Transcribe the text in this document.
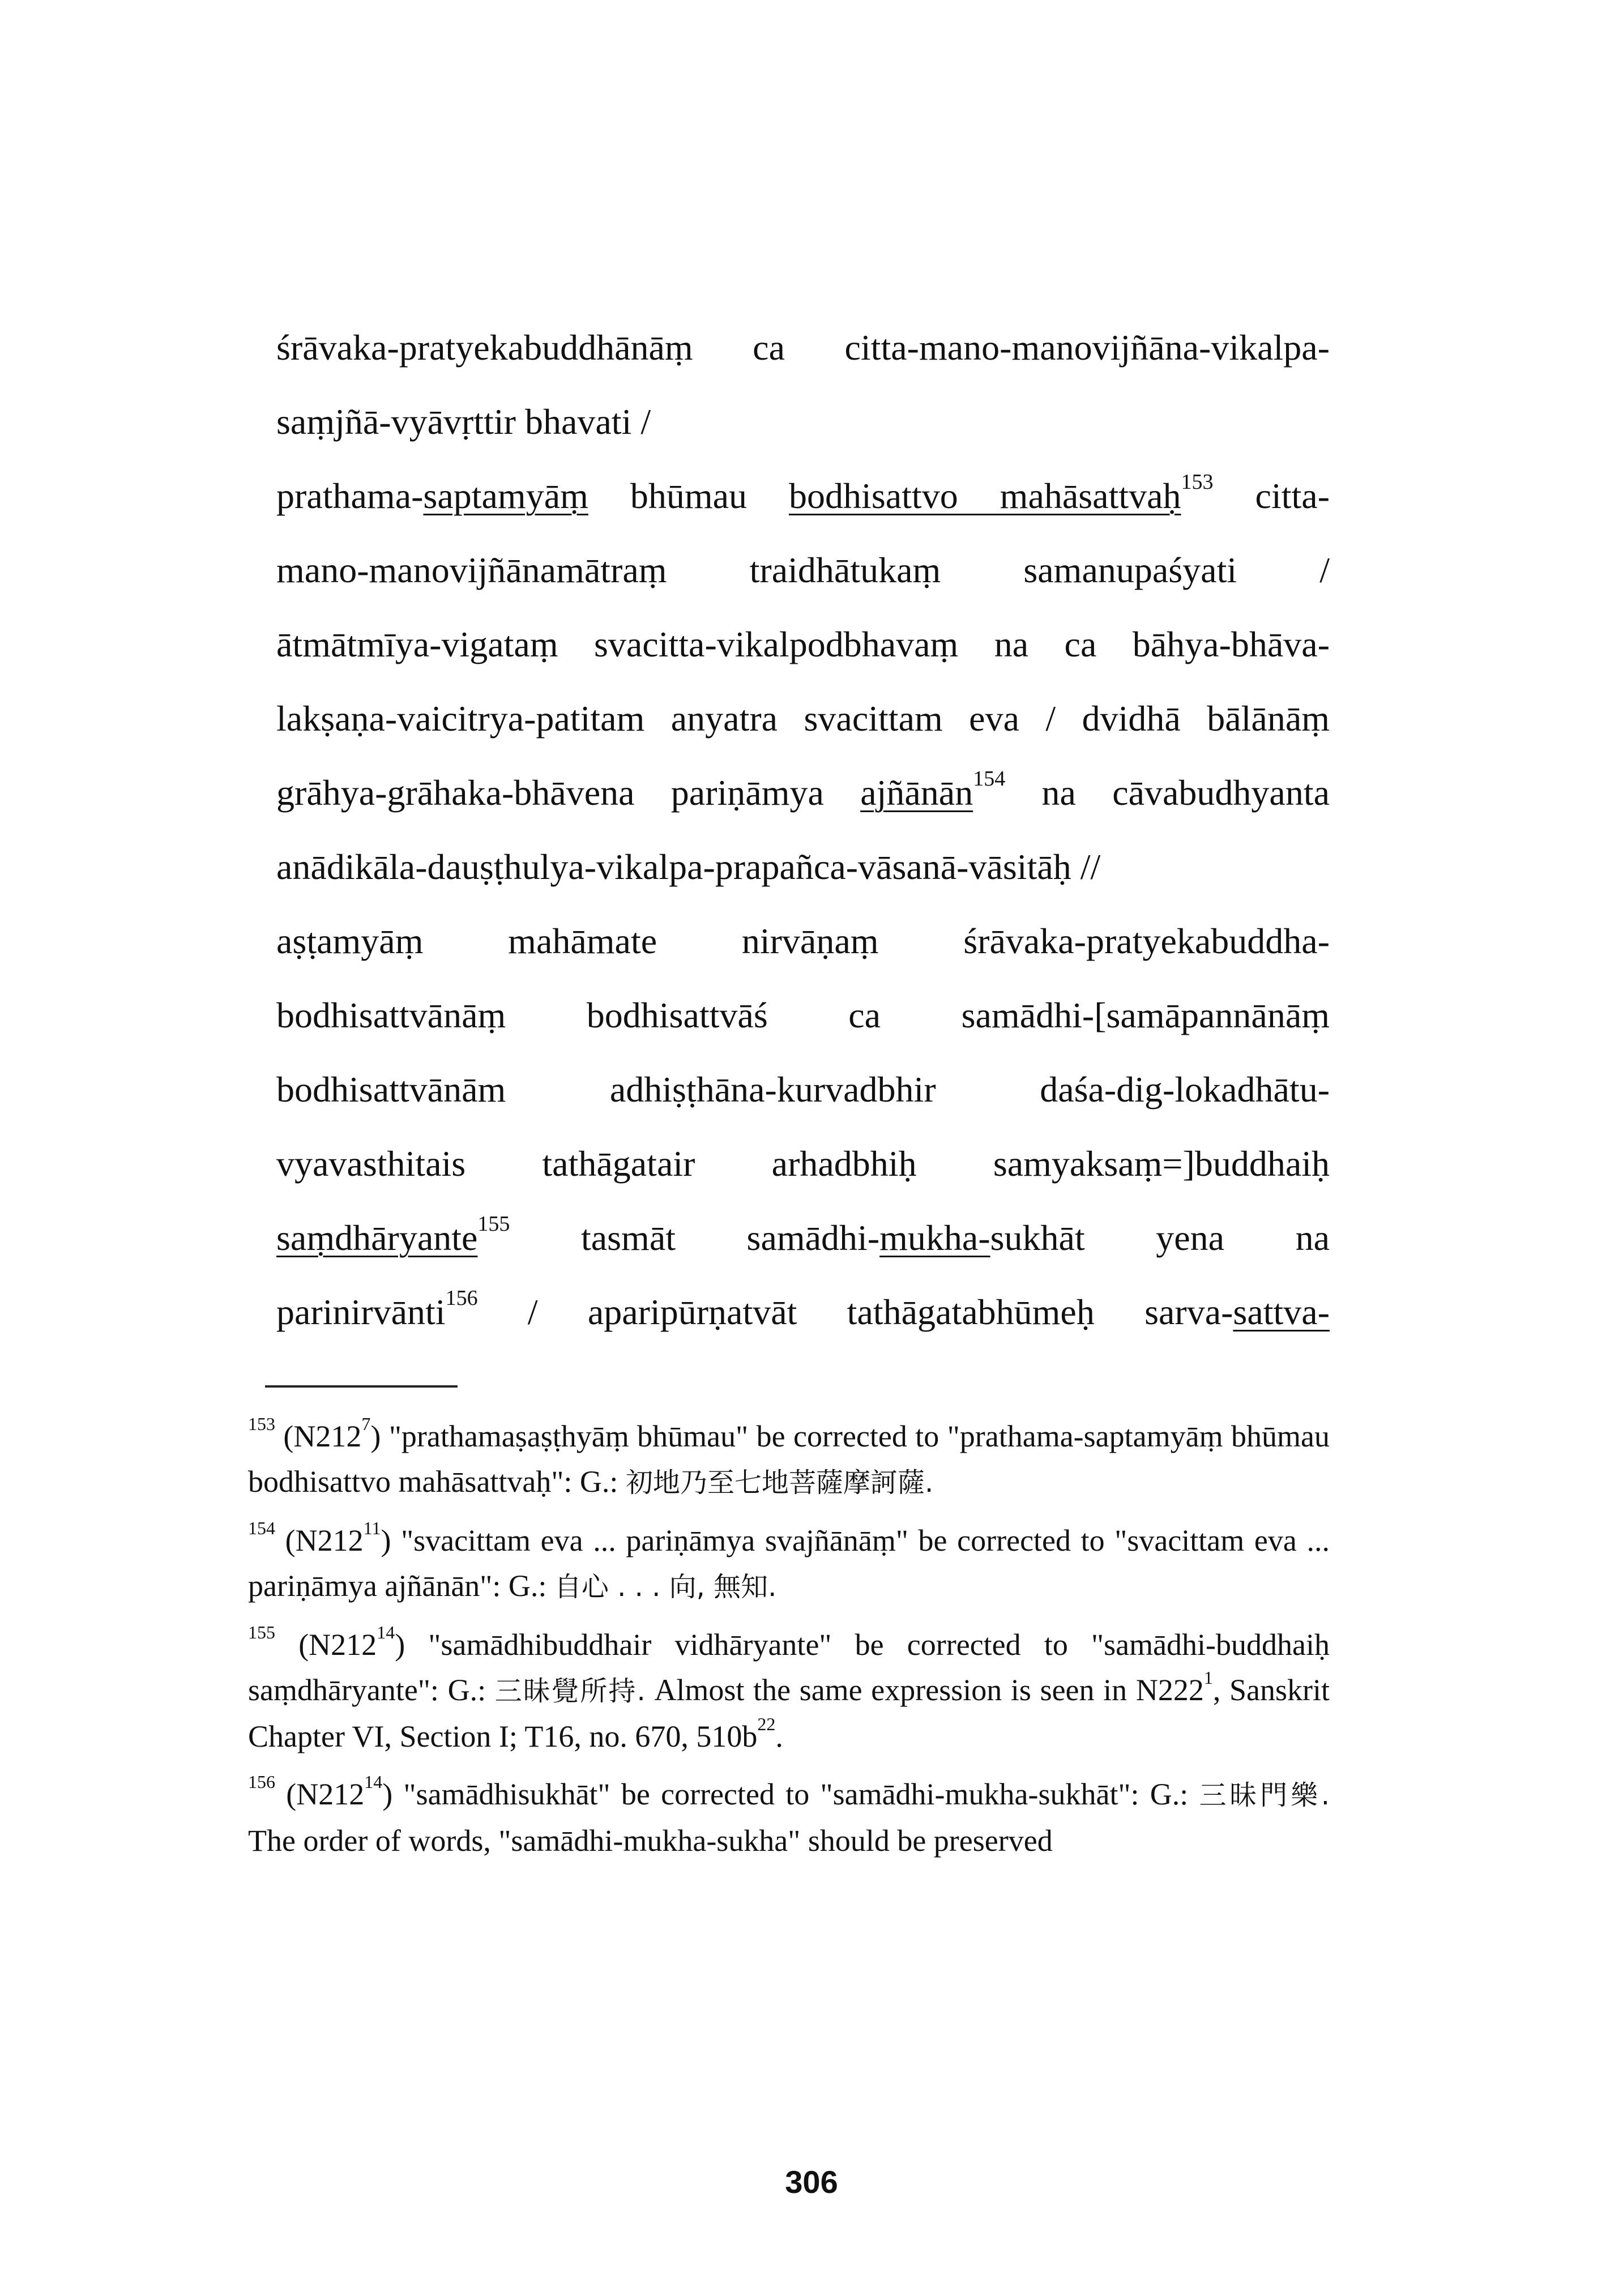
śrāvaka-pratyekabuddhānāṃ ca citta-mano-manovijñāna-vikalpa-
saṃjñā-vyāvṛttir bhavati /
prathama-saptamyāṃ bhūmau bodhisattvo mahāsattvaḥ$^{153}$ citta-
mano-manovijñānamātraṃ traidhātukaṃ samanupaśyati /
ātmātmīya-vigataṃ svacitta-vikalpodbhavaṃ na ca bāhya-bhāva-
lakṣaṇa-vaicitrya-patitam anyatra svacittam eva / dvidhā bālānāṃ
grāhya-grāhaka-bhāvena pariṇāmya ajñānān$^{154}$ na cāvabudhyanta
anādikāla-dauṣṭhulya-vikalpa-prapañca-vāsanā-vāsitāḥ //
aṣṭamyāṃ mahāmate nirvāṇaṃ śrāvaka-pratyekabuddha-
bodhisattvānāṃ bodhisattvāś ca samādhi-[samāpannānāṃ
bodhisattvānām adhiṣṭhāna-kurvadbhir daśa-dig-lokadhātu-
vyavasthitais tathāgatair arhadbhiḥ samyaksaṃ=]buddhaiḥ
saṃdhāryante$^{155}$ tasmāt samādhi-mukha-sukhāt yena na
parinirvānti$^{156}$ / aparipūrṇatvāt tathāgatabhūmeḥ sarva-sattva-

$^{153}$ $(N212^7)$ "prathamaṣaṣṭhyāṃ bhūmau" be corrected to "prathama-saptamyāṃ bhūmau bodhisattvo mahāsattvaḥ": G.: 初地乃至七地菩薩摩訶薩.

$^{154}$ $(N212^{11})$ "svacittam eva ... pariṇāmya svajñānāṃ" be corrected to "svacittam eva ... pariṇāmya ajñānān": G.: 自心 . . . 向, 無知.

$^{155}$ $(N212^{14})$ "samādhibuddhair vidhāryante" be corrected to "samādhi-buddhaiḥ saṃdhāryante": G.: 三昧覺所持. Almost the same expression is seen in $N222^1$, Sanskrit Chapter VI, Section I; T16, no. 670, $510b^{22}$.

$^{156}$ $(N212^{14})$ "samādhisukhāt" be corrected to "samādhi-mukha-sukhāt": G.: 三昧門樂. The order of words, "samādhi-mukha-sukha" should be preserved

306
